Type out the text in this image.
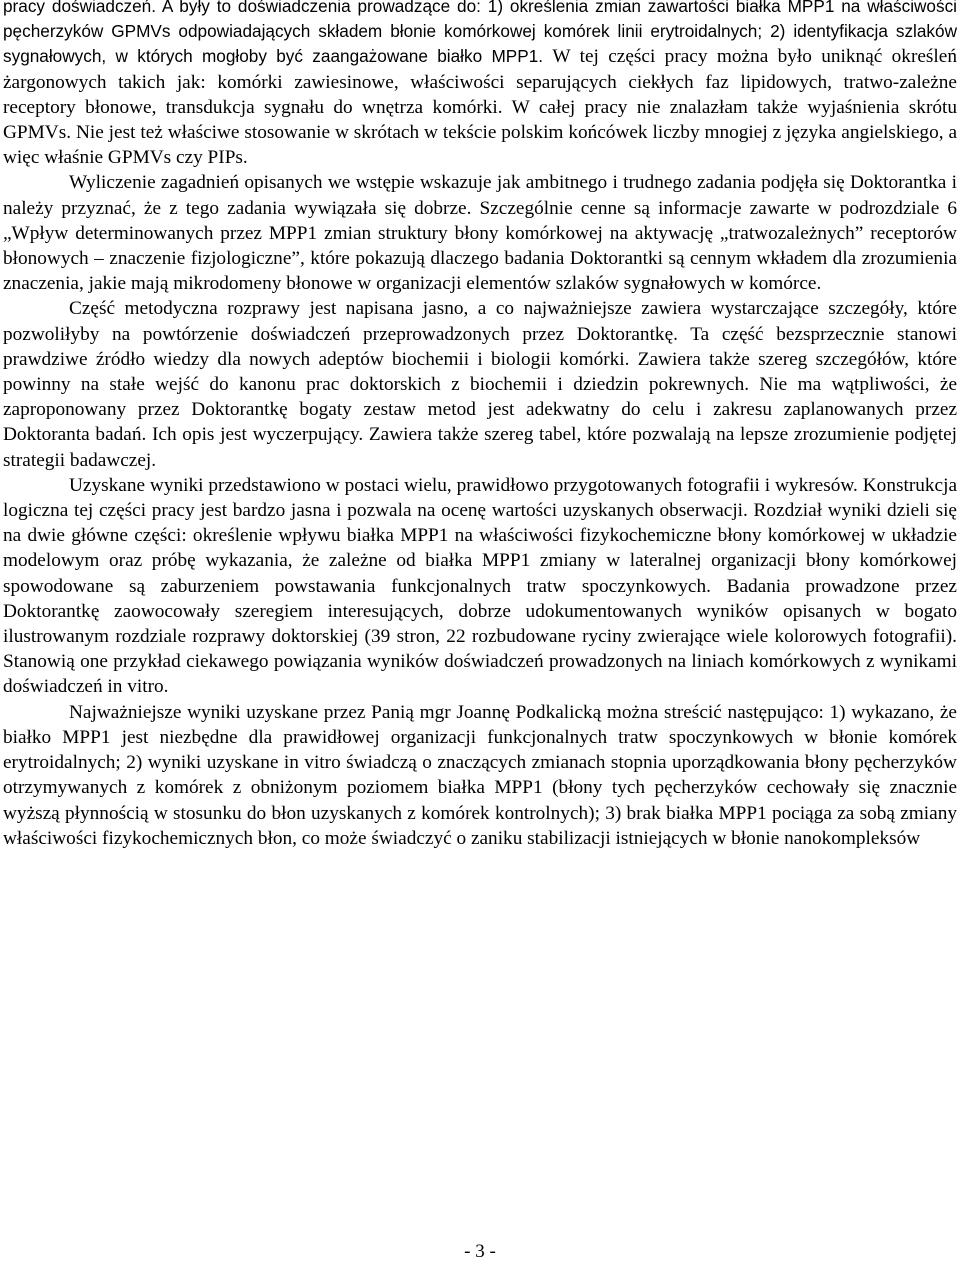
pracy doświadczeń. A były to doświadczenia prowadzące do: 1) określenia zmian zawartości białka MPP1 na właściwości pęcherzyków GPMVs odpowiadających składem błonie komórkowej komórek linii erytroidalnych; 2) identyfikacja szlaków sygnałowych, w których mogłoby być zaangażowane białko MPP1. W tej części pracy można było uniknąć określeń żargonowych takich jak: komórki zawiesinowe, właściwości separujących ciekłych faz lipidowych, tratwo-zależne receptory błonowe, transdukcja sygnału do wnętrza komórki. W całej pracy nie znalazłam także wyjaśnienia skrótu GPMVs. Nie jest też właściwe stosowanie w skrótach w tekście polskim końcówek liczby mnogiej z języka angielskiego, a więc właśnie GPMVs czy PIPs.

Wyliczenie zagadnień opisanych we wstępie wskazuje jak ambitnego i trudnego zadania podjęła się Doktorantka i należy przyznać, że z tego zadania wywiązała się dobrze. Szczególnie cenne są informacje zawarte w podrozdziale 6 „Wpływ determinowanych przez MPP1 zmian struktury błony komórkowej na aktywację „tratwozależnych” receptorów błonowych – znaczenie fizjologiczne”, które pokazują dlaczego badania Doktorantki są cennym wkładem dla zrozumienia znaczenia, jakie mają mikrodomeny błonowe w organizacji elementów szlaków sygnałowych w komórce.

Część metodyczna rozprawy jest napisana jasno, a co najważniejsze zawiera wystarczające szczegóły, które pozwoliłyby na powtórzenie doświadczeń przeprowadzonych przez Doktorantkę. Ta część bezsprzecznie stanowi prawdziwe źródło wiedzy dla nowych adeptów biochemii i biologii komórki. Zawiera także szereg szczegółów, które powinny na stałe wejść do kanonu prac doktorskich z biochemii i dziedzin pokrewnych. Nie ma wątpliwości, że zaproponowany przez Doktorantkę bogaty zestaw metod jest adekwatny do celu i zakresu zaplanowanych przez Doktoranta badań. Ich opis jest wyczerpujący. Zawiera także szereg tabel, które pozwalają na lepsze zrozumienie podjętej strategii badawczej.

Uzyskane wyniki przedstawiono w postaci wielu, prawidłowo przygotowanych fotografii i wykresów. Konstrukcja logiczna tej części pracy jest bardzo jasna i pozwala na ocenę wartości uzyskanych obserwacji. Rozdział wyniki dzieli się na dwie główne części: określenie wpływu białka MPP1 na właściwości fizykochemiczne błony komórkowej w układzie modelowym oraz próbę wykazania, że zależne od białka MPP1 zmiany w lateralnej organizacji błony komórkowej spowodowane są zaburzeniem powstawania funkcjonalnych tratw spoczynkowych. Badania prowadzone przez Doktorantkę zaowocowały szeregiem interesujących, dobrze udokumentowanych wyników opisanych w bogato ilustrowanym rozdziale rozprawy doktorskiej (39 stron, 22 rozbudowane ryciny zwierające wiele kolorowych fotografii). Stanowią one przykład ciekawego powiązania wyników doświadczeń prowadzonych na liniach komórkowych z wynikami doświadczeń in vitro.

Najważniejsze wyniki uzyskane przez Panią mgr Joannę Podkalicką można streścić następująco: 1) wykazano, że białko MPP1 jest niezbędne dla prawidłowej organizacji funkcjonalnych tratw spoczynkowych w błonie komórek erytroidalnych; 2) wyniki uzyskane in vitro świadczą o znaczących zmianach stopnia uporządkowania błony pęcherzyków otrzymywanych z komórek z obniżonym poziomem białka MPP1 (błony tych pęcherzyków cechowały się znacznie wyższą płynnością w stosunku do błon uzyskanych z komórek kontrolnych); 3) brak białka MPP1 pociąga za sobą zmiany właściwości fizykochemicznych błon, co może świadczyć o zaniku stabilizacji istniejących w błonie nanokompleksów

- 3 -
